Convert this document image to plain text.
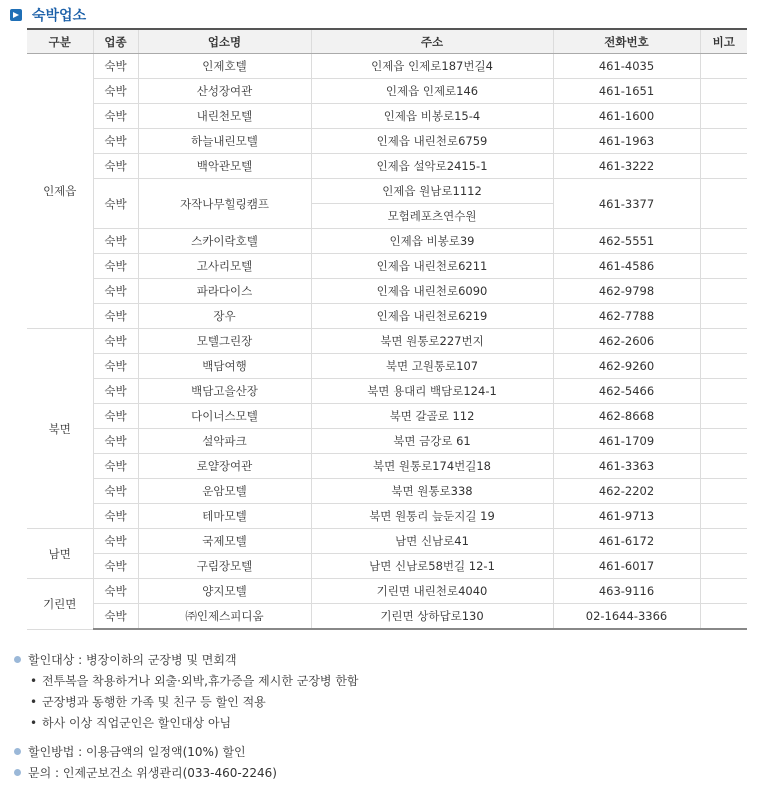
숙박업소
구분	업종	업소명	주소	전화번호	비고
인제읍	숙박	인제호텔	인제읍 인제로187번길4	461-4035	
	숙박	산성장여관	인제읍 인제로146	461-1651	
	숙박	내린천모텔	인제읍 비봉로15-4	461-1600	
	숙박	하늘내린모텔	인제읍 내린천로6759	461-1963	
	숙박	백악관모텔	인제읍 설악로2415-1	461-3222	
	숙박	자작나무힐링캠프	인제읍 원남로1112	461-3377	
			모험레포츠연수원		
	숙박	스카이락호텔	인제읍 비봉로39	462-5551	
	숙박	고사리모텔	인제읍 내린천로6211	461-4586	
	숙박	파라다이스	인제읍 내린천로6090	462-9798	
	숙박	장우	인제읍 내린천로6219	462-7788	
북면	숙박	모텔그린장	북면 원통로227번지	462-2606	
	숙박	백담여행	북면 고원통로107	462-9260	
	숙박	백담고을산장	북면 용대리 백담로124-1	462-5466	
	숙박	다이너스모텔	북면 갈골로 112	462-8668	
	숙박	설악파크	북면 금강로 61	461-1709	
	숙박	로얄장여관	북면 원통로174번길18	461-3363	
	숙박	운암모텔	북면 원통로338	462-2202	
	숙박	테마모텔	북면 원통리 늪둔지길 19	461-9713	
남면	숙박	국제모텔	남면 신남로41	461-6172	
	숙박	구림장모텔	남면 신남로58번길 12-1	461-6017	
기린면	숙박	양지모텔	기린면 내린천로4040	463-9116	
	숙박	㈜인제스피디움	기린면 상하답로130	02-1644-3366	
할인대상 : 병장이하의 군장병 및 면회객
• 전투복을 착용하거나 외출·외박,휴가증을 제시한 군장병 한함
• 군장병과 동행한 가족 및 친구 등 할인 적용
• 하사 이상 직업군인은 할인대상 아님
할인방법 : 이용금액의 일정액(10%) 할인
문의 : 인제군보건소 위생관리(033-460-2246)
